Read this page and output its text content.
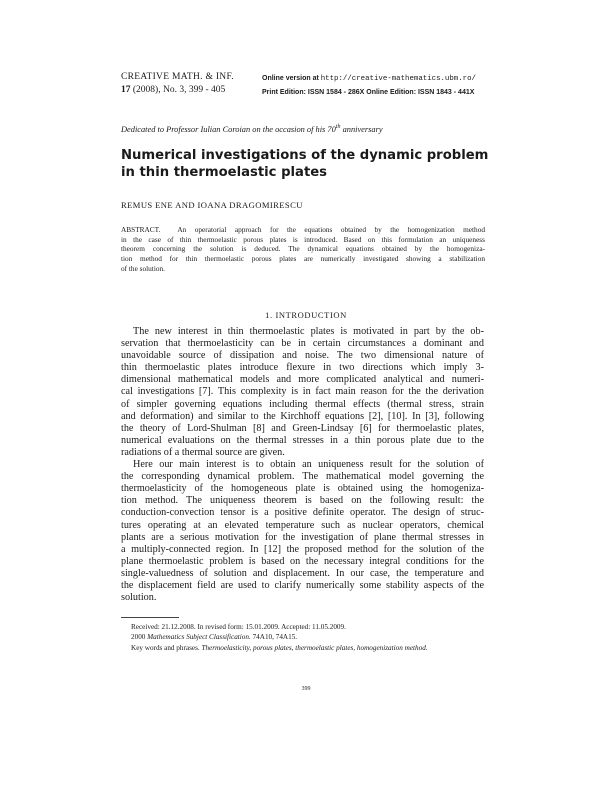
CREATIVE MATH. & INF.
17 (2008), No. 3, 399 - 405
Online version at http://creative-mathematics.ubm.ro/
Print Edition: ISSN 1584 - 286X Online Edition: ISSN 1843 - 441X
Dedicated to Professor Iulian Coroian on the occasion of his 70th anniversary
Numerical investigations of the dynamic problem in thin thermoelastic plates
REMUS ENE AND IOANA DRAGOMIRESCU
ABSTRACT. An operatorial approach for the equations obtained by the homogenization method
in the case of thin thermoelastic porous plates is introduced. Based on this formulation an uniqueness
theorem concerning the solution is deduced. The dynamical equations obtained by the homogeniza-
tion method for thin thermoelastic porous plates are numerically investigated showing a stabilization
of the solution.
1. INTRODUCTION
The new interest in thin thermoelastic plates is motivated in part by the ob-
servation that thermoelasticity can be in certain circumstances a dominant and
unavoidable source of dissipation and noise. The two dimensional nature of
thin thermoelastic plates introduce flexure in two directions which imply 3-
dimensional mathematical models and more complicated analytical and numeri-
cal investigations [7]. This complexity is in fact main reason for the the derivation
of simpler governing equations including thermal effects (thermal stress, strain
and deformation) and similar to the Kirchhoff equations [2], [10]. In [3], following
the theory of Lord-Shulman [8] and Green-Lindsay [6] for thermoelastic plates,
numerical evaluations on the thermal stresses in a thin porous plate due to the
radiations of a thermal source are given.
Here our main interest is to obtain an uniqueness result for the solution of
the corresponding dynamical problem. The mathematical model governing the
thermoelasticity of the homogeneous plate is obtained using the homogeniza-
tion method. The uniqueness theorem is based on the following result: the
conduction-convection tensor is a positive definite operator. The design of struc-
tures operating at an elevated temperature such as nuclear operators, chemical
plants are a serious motivation for the investigation of plane thermal stresses in
a multiply-connected region. In [12] the proposed method for the solution of the
plane thermoelastic problem is based on the necessary integral conditions for the
single-valuedness of solution and displacement. In our case, the temperature and
the displacement field are used to clarify numerically some stability aspects of the
solution.
Received: 21.12.2008. In revised form: 15.01.2009. Accepted: 11.05.2009.
2000 Mathematics Subject Classification. 74A10, 74A15.
Key words and phrases. Thermoelasticity, porous plates, thermoelastic plates, homogenization method.
399
